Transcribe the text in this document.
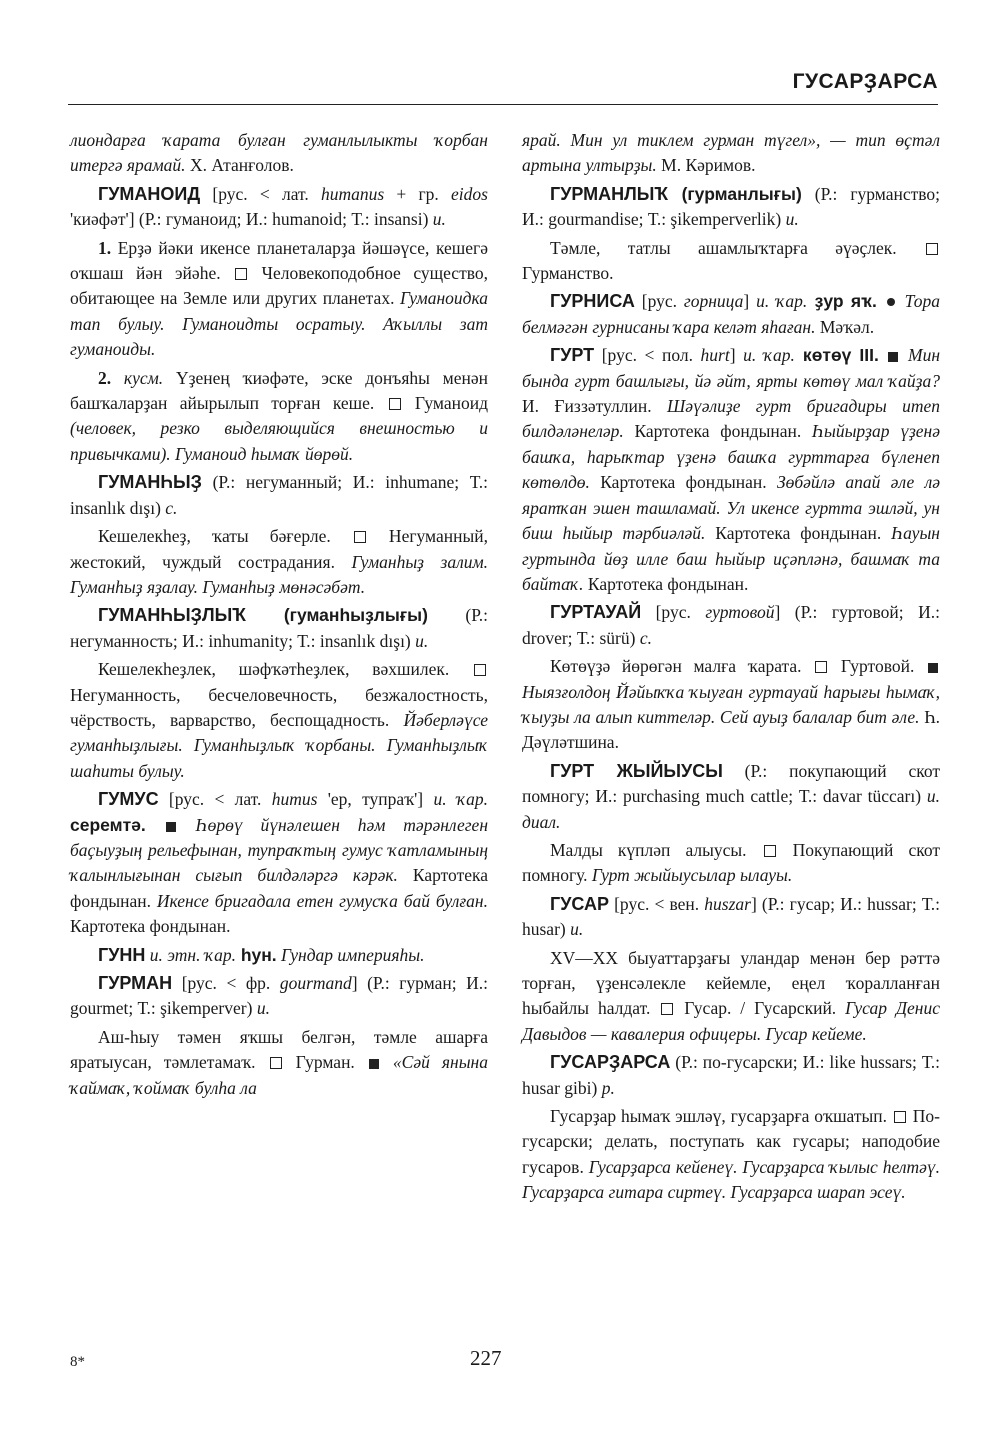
ГУСАРҘАРСА

лиондарға ҡарата булған гуманлылыкты ҡорбан итергә ярамай. Х. Атанғолов.

ГУМАНОИД [рус. < лат. humanus + гр. eidos 'киәфәт'] (Р.: гуманоид; И.: humanoid; Т.: insansi) и.

1. Ерҙә йәки икенсе планеталарҙа йәшәүсе, кешегә оҡшаш йән эйәһе.  Человекоподобное существо, обитающее на Земле или других планетах. Гуманоидка тап булыу. Гуманоидты осратыу. Аҡыллы зат гуманоиды.

2. кусм. Үҙенең ҡиәфәте, эске донъяһы менән башҡаларҙан айырылып торған кеше.  Гуманоид (человек, резко выделяющийся внешностью и привычками). Гуманоид һымаҡ йөрөй.

ГУМАНҺЫҘ (Р.: негуманный; И.: inhumane; Т.: insanlık dışı) с.

Кешелекһеҙ, ҡаты бәғерле.  Негуманный, жестокий, чуждый сострадания. Гуманһыҙ залим. Гуманһыҙ яҙалау. Гуманһыҙ мөнәсәбәт.

ГУМАНҺЫҘЛЫҠ (гуманһыҙлығы) (Р.: негуманность; И.: inhumanity; Т.: insanlık dışı) и.

Кешелекһеҙлек, шәфҡәтһеҙлек, вәхшилек.  Негуманность, бесчеловечность, безжалостность, чёрствость, варварство, беспощадность. Йәберләүсе гуманһыҙлығы. Гуманһыҙлыҡ ҡорбаны. Гуманһыҙлыҡ шаһиты булыу.

ГУМУС [рус. < лат. humus 'ер, тупраҡ'] и. ҡар. серемтә.  Һөрөү йүнәлешен һәм тәрәнлеген баҫыуҙың рельефынан, тупраҡтың гумус ҡатламының ҡалынлығынан сығып билдәләргә кәрәк. Картотека фондынан. Икенсе бригадала етен гумусҡа бай булған. Картотека фондынан.

ГУНН и. этн. ҡар. һун. Гундар империяһы.

ГУРМАН [рус. < фр. gourmand] (Р.: гурман; И.: gourmet; Т.: şikemperver) и.

Аш-һыу тәмен яҡшы белгән, тәмле ашарға яратыусан, тәмлетамаҡ.  Гурман.  «Сәй янына ҡаймаҡ, ҡоймаҡ булһа ла

ярай. Мин ул тиклем гурман түгел», — тип өҫтәл артына ултырҙы. М. Кәримов.

ГУРМАНЛЫҠ (гурманлығы) (Р.: гурманство; И.: gourmandise; Т.: şikemperverlik) и.

Тәмле, татлы ашамлыҡтарға әүәҫлек.  Гурманство.

ГУРНИСА [рус. горница] и. ҡар. ҙур яҡ.  Тора белмәгән гурнисаны ҡара келәт яһаған. Мәҡәл.

ГУРТ [рус. < пол. hurt] и. ҡар. көтөү III.  Мин бында гурт башлығы, йә әйт, ярты көтөү мал ҡайҙа? И. Ғиззәтуллин. Шәүәлиҙе гурт бригадиры итеп билдәләнеләр. Картотека фондынан. Һыйырҙар үҙенә башҡа, һарыҡтар үҙенә башҡа гурттарға бүленеп көтөлдө. Картотека фондынан. Зөбәйлә апай әле лә яратҡан эшен ташламай. Ул икенсе гуртта эшләй, ун биш һыйыр тәрбиәләй. Картотека фондынан. Һауын гуртында йөҙ илле баш һыйыр иҫәпләнә, башмаҡ та байтаҡ. Картотека фондынан.

ГУРТАУАЙ [рус. гуртовой] (Р.: гуртовой; И.: drover; Т.: sürü) с.

Көтөүҙә йөрөгән малға ҡарата.  Гуртовой.  Ныязғолдоң Йәйыҡҡа ҡыуған гуртауай һарығы һымаҡ, ҡыуҙы ла алып киттеләр. Сей ауыҙ балалар бит әле. Һ. Дәүләтшина.

ГУРТ ЖЫЙЫУСЫ (Р.: покупающий скот помногу; И.: purchasing much cattle; Т.: davar tüccarı) и. диал.

Малды күпләп алыусы.  Покупающий скот помногу. Гурт жыйыусылар ылауы.

ГУСАР [рус. < вен. huszar] (Р.: гусар; И.: hussar; Т.: husar) и.

XV—XX быуаттарҙағы уландар менән бер рәттә торған, үҙенсәлекле кейемле, еңел ҡоралланған һыбайлы һалдат.  Гусар. / Гусарский. Гусар Денис Давыдов — кавалерия офицеры. Гусар кейеме.

ГУСАРҘАРСА (Р.: по-гусарски; И.: like hussars; Т.: husar gibi) р.

Гусарҙар һымаҡ эшләү, гусарҙарға оҡшатып.  По-гусарски; делать, поступать как гусары; наподобие гусаров. Гусарҙарса кейенеү. Гусарҙарса ҡылыс һелтәү. Гусарҙарса гитара сиртеү. Гусарҙарса шарап эсеү.

8*	227
